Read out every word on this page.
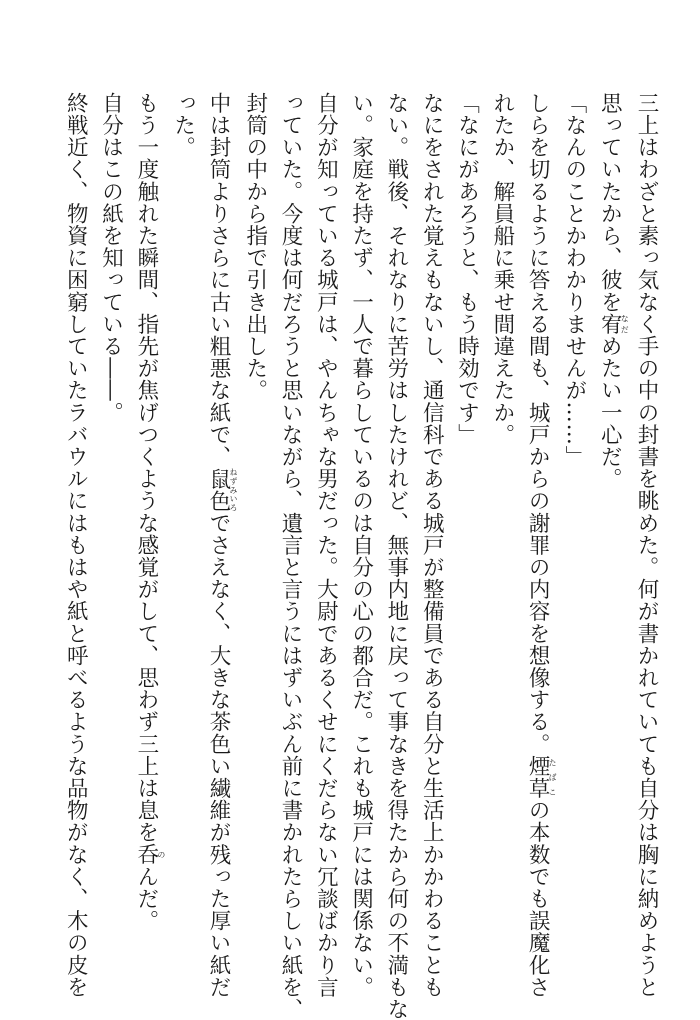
三上はわざと素っ気なく手の中の封書を眺めた。何が書かれていても自分は胸に納めようと
思っていたから、彼を宥なだめたい一心だ。
「なんのことかわかりませんが……」
しらを切るように答える間も、城戸からの謝罪の内容を想像する。煙草たばこの本数でも誤魔化さ
れたか、解員船に乗せ間違えたか。
「なにがあろうと、もう時効です」
なにをされた覚えもないし、通信科である城戸が整備員である自分と生活上かかわることも
ない。戦後、それなりに苦労はしたけれど、無事内地に戻って事なきを得たから何の不満もな
い。家庭を持たず、一人で暮らしているのは自分の心の都合だ。これも城戸には関係ない。
自分が知っている城戸は、やんちゃな男だった。大尉であるくせにくだらない冗談ばかり言
っていた。今度は何だろうと思いながら、遺言と言うにはずいぶん前に書かれたらしい紙を、
封筒の中から指で引き出した。
中は封筒よりさらに古い粗悪な紙で、鼠色ねずみいろでさえなく、大きな茶色い繊維が残った厚い紙だ
った。
もう一度触れた瞬間、指先が焦げつくような感覚がして、思わず三上は息を呑のんだ。
自分はこの紙を知っている――。
終戦近く、物資に困窮していたラバウルにはもはや紙と呼べるような品物がなく、木の皮を
